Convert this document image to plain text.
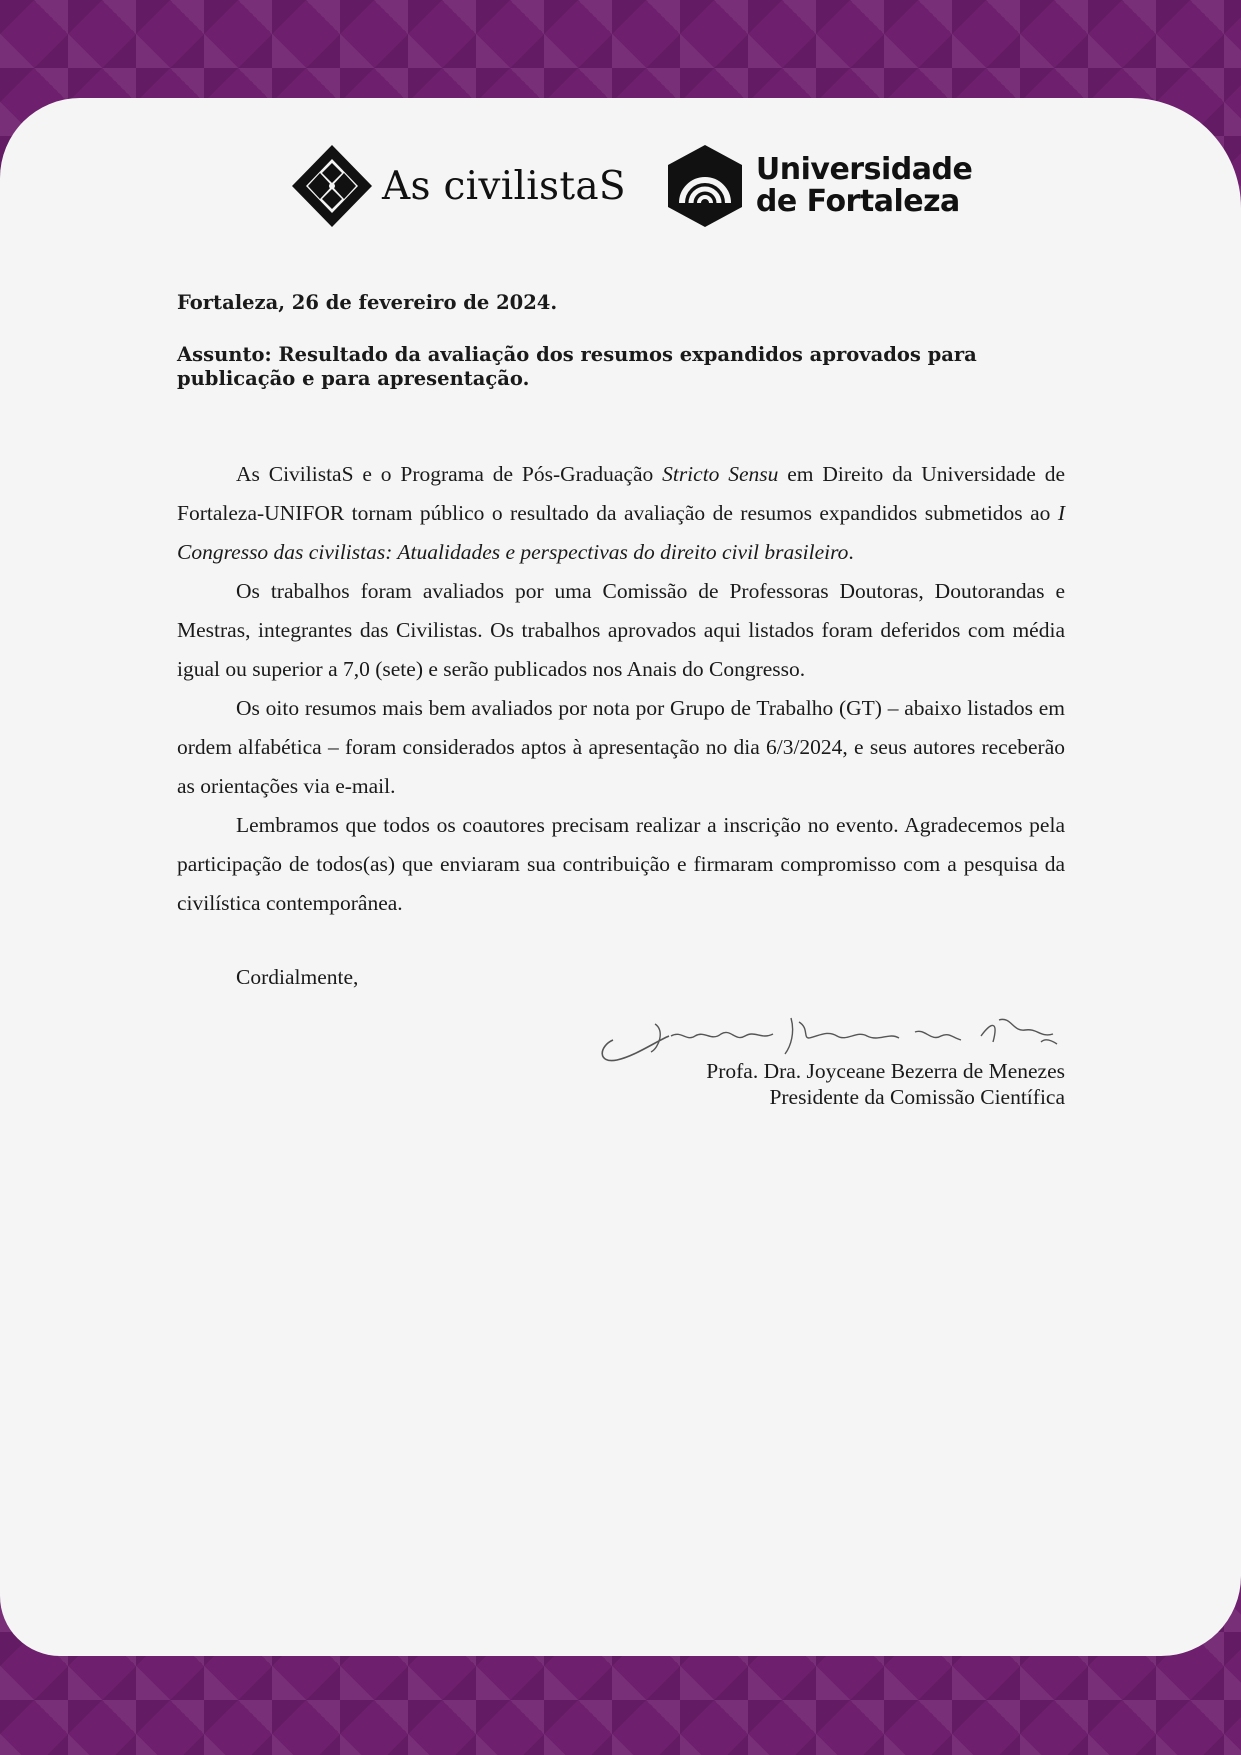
As civilistaS	Universidade
de Fortaleza
Fortaleza, 26 de fevereiro de 2024.
Assunto: Resultado da avaliação dos resumos expandidos aprovados para publicação e para apresentação.

As CivilistaS e o Programa de Pós-Graduação Stricto Sensu em Direito da Universidade de Fortaleza-UNIFOR tornam público o resultado da avaliação de resumos expandidos submetidos ao I Congresso das civilistas: Atualidades e perspectivas do direito civil brasileiro.

Os trabalhos foram avaliados por uma Comissão de Professoras Doutoras, Doutorandas e Mestras, integrantes das Civilistas. Os trabalhos aprovados aqui listados foram deferidos com média igual ou superior a 7,0 (sete) e serão publicados nos Anais do Congresso.

Os oito resumos mais bem avaliados por nota por Grupo de Trabalho (GT) – abaixo listados em ordem alfabética – foram considerados aptos à apresentação no dia 6/3/2024, e seus autores receberão as orientações via e-mail.

Lembramos que todos os coautores precisam realizar a inscrição no evento. Agradecemos pela participação de todos(as) que enviaram sua contribuição e firmaram compromisso com a pesquisa da civilística contemporânea.

Cordialmente,
Profa. Dra. Joyceane Bezerra de Menezes
Presidente da Comissão Científica
